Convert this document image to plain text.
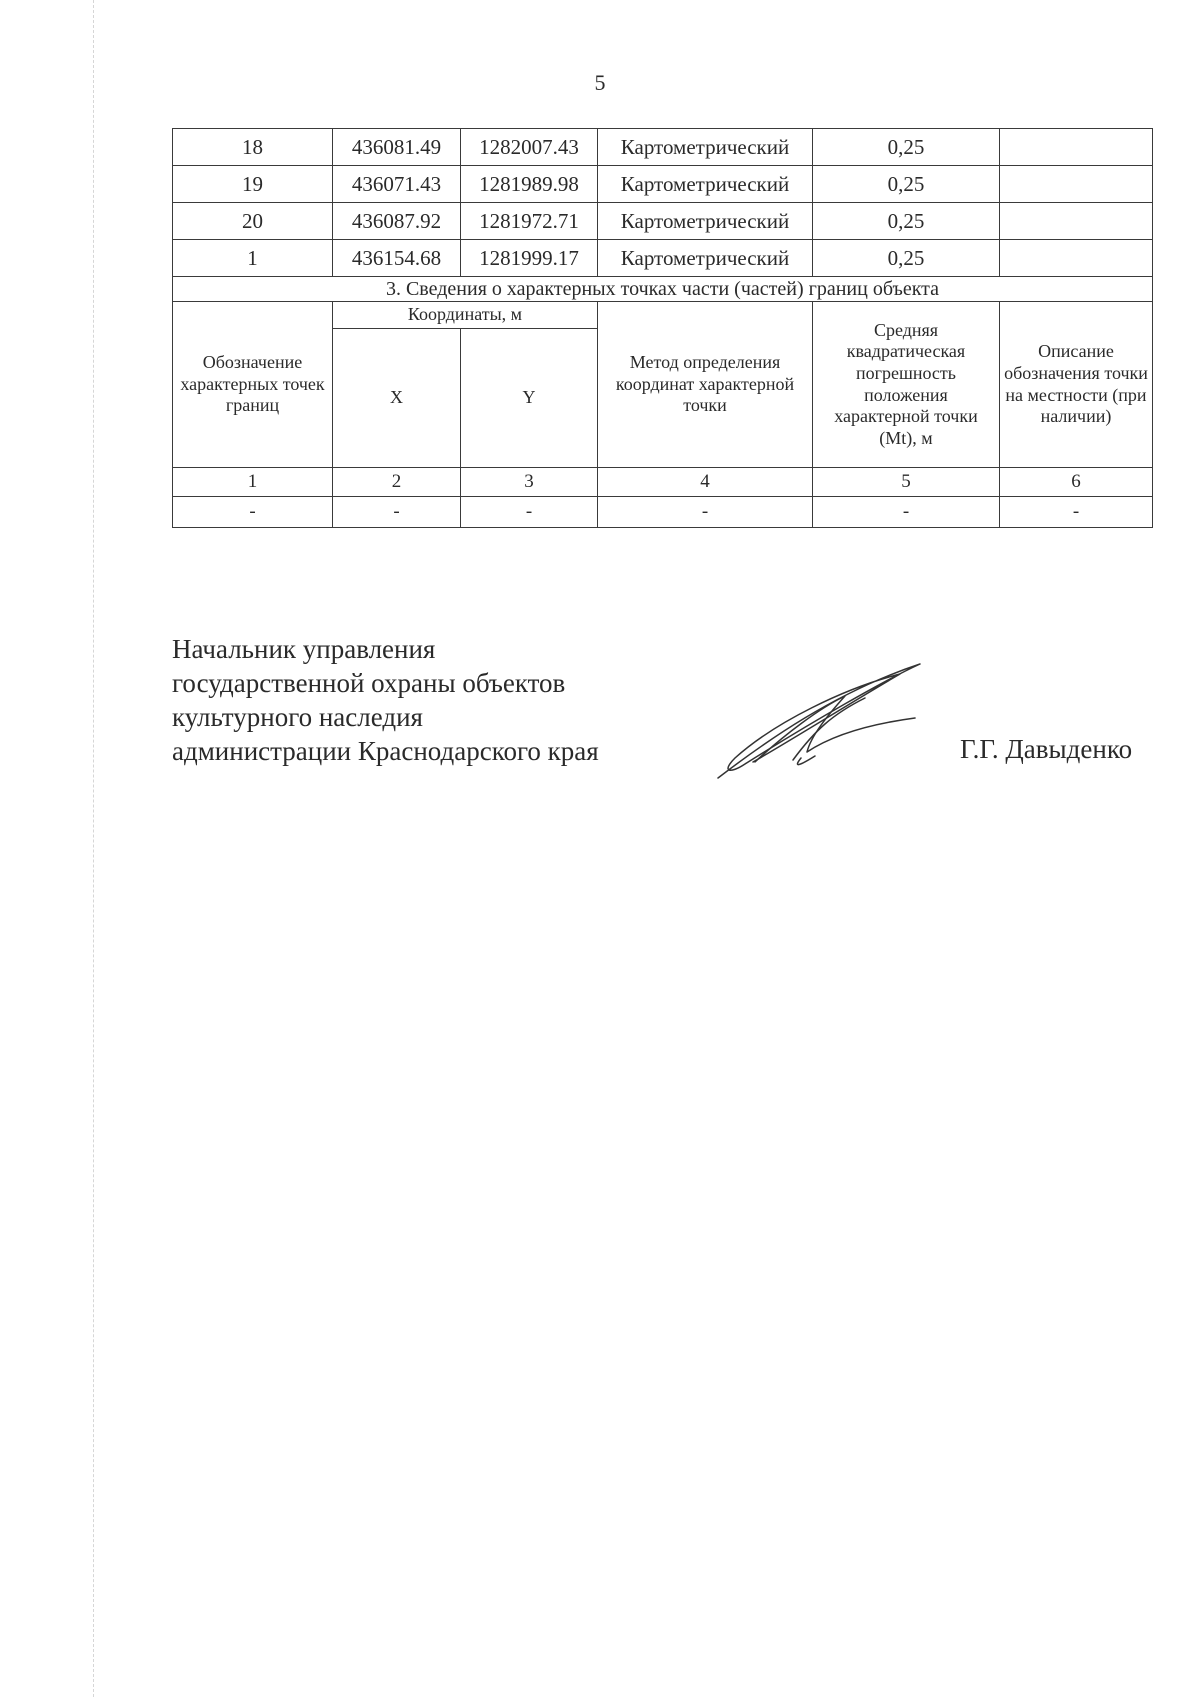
5
18	436081.49	1282007.43	Картометрический	0,25	
19	436071.43	1281989.98	Картометрический	0,25	
20	436087.92	1281972.71	Картометрический	0,25	
1	436154.68	1281999.17	Картометрический	0,25	
3. Сведения о характерных точках части (частей) границ объекта					
Обозначение характерных точек границ	Координаты, м		Метод определения координат характерной точки	Средняя квадратическая погрешность положения характерной точки (Mt), м	Описание обозначения точки на местности (при наличии)
	X	Y			
1	2	3	4	5	6
-	-	-	-	-	-
Начальник управления
государственной охраны объектов
культурного наследия
администрации Краснодарского края	Г.Г. Давыденко
